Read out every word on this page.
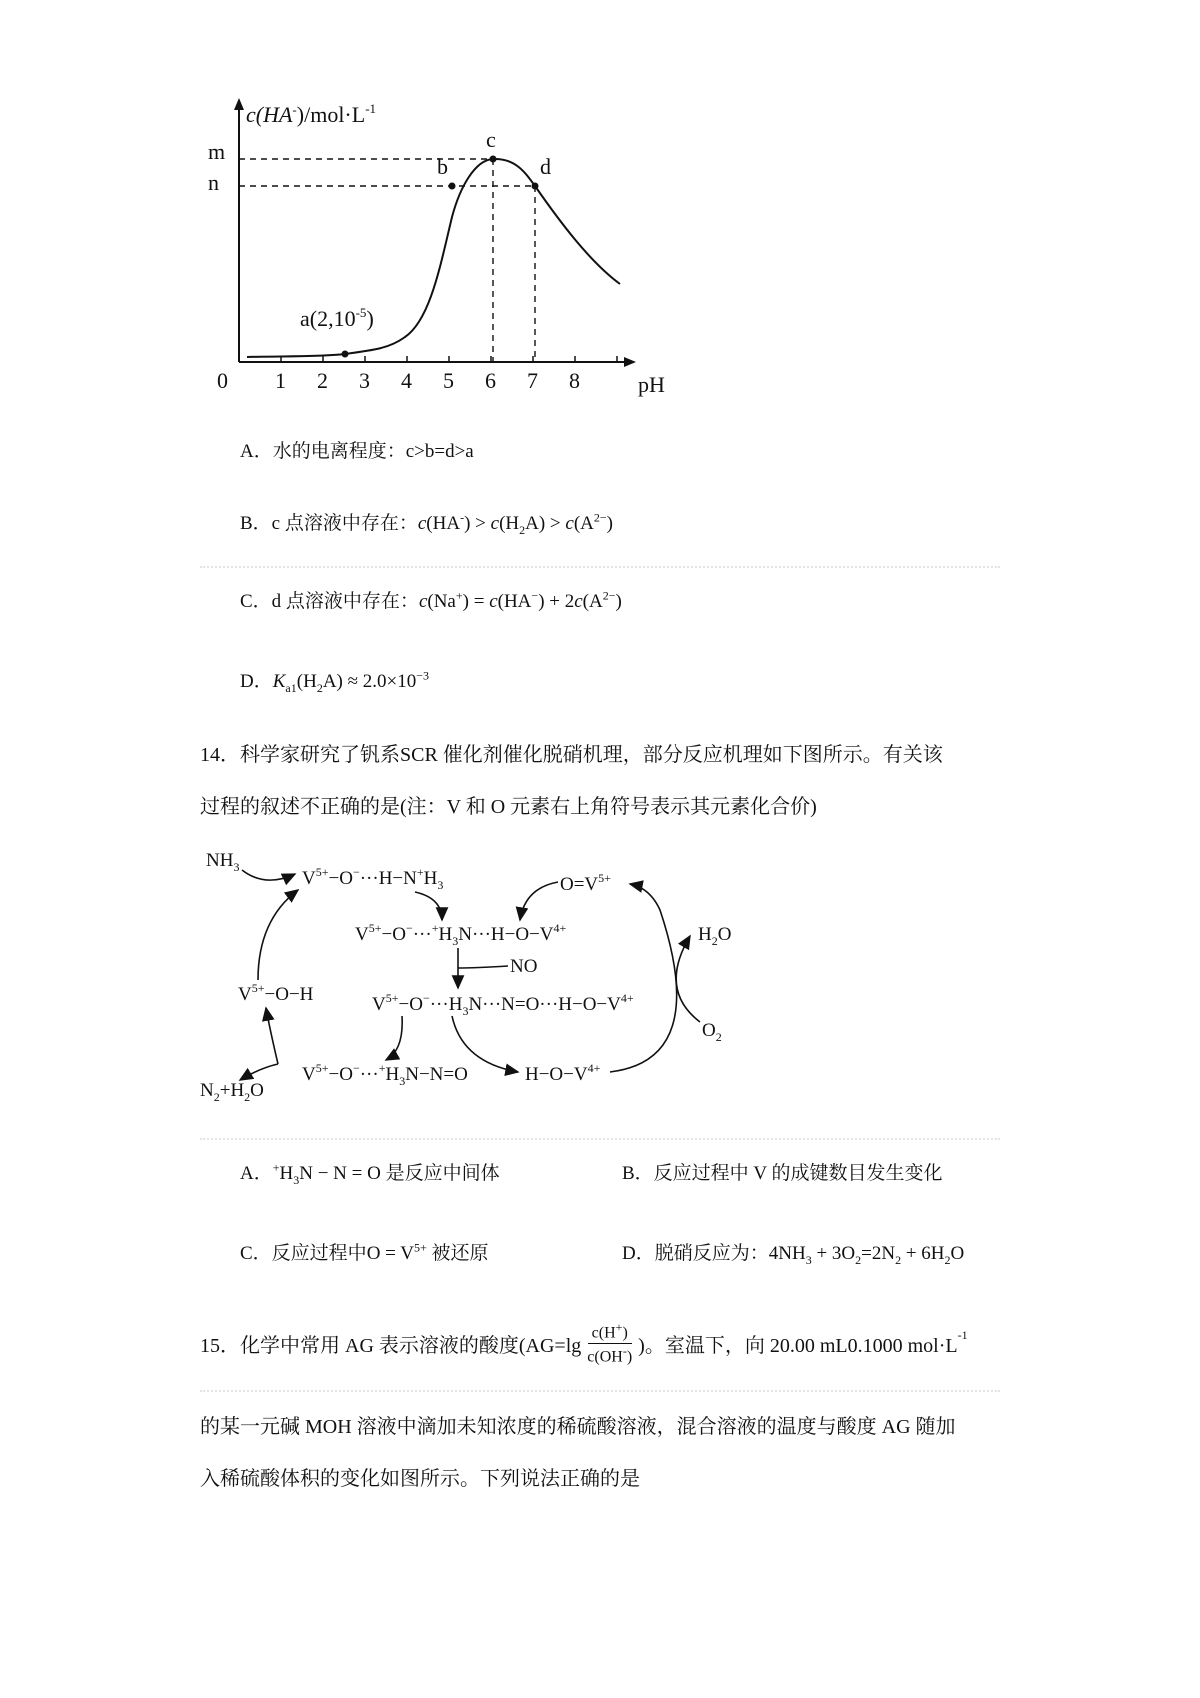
$c(HA^-)/mol\cdot L^{-1}$
m
n
$a(2,10^{-5})$
b
c
d
0 1 2 3 4 5 6 7 8	pH
A．水的电离程度：c>b=d>a
B．c 点溶液中存在：$c(HA^-) > c(H_2A) > c(A^{2-})$
C．d 点溶液中存在：$c(Na^+) = c(HA^-) + 2c(A^{2-})$
D．$K_{a1}(H_2A) \approx 2.0\times 10^{-3}$
14．科学家研究了钒系SCR 催化剂催化脱硝机理，部分反应机理如下图所示。有关该
过程的叙述不正确的是(注：V 和 O 元素右上角符号表示其元素化合价)
$NH_3$
$V^{5+}-O^-\cdot\cdot\cdot H-N^+H_3$	$O=V^{5+}$
$V^{5+}-O^-\cdot\cdot\cdot^+H_3N\cdot\cdot\cdot H-O-V^{4+}$	$H_2O$
NO
$V^{5+}-O-H$	$V^{5+}-O^-\cdot\cdot\cdot H_3N\cdot\cdot\cdot N=O\cdot\cdot\cdot H-O-V^{4+}$
$O_2$
$V^{5+}-O^-\cdot\cdot\cdot^+H_3N-N=O$	$H-O-V^{4+}$
$N_2+H_2O$
A．$^+H_3N - N = O$ 是反应中间体	B．反应过程中 V 的成键数目发生变化
C．反应过程中$O = V^{5+}$ 被还原	D．脱硝反应为：$4NH_3 + 3O_2=2N_2 + 6H_2O$
15．化学中常用 AG 表示溶液的酸度($AG=\lg \frac{c(H^+)}{c(OH^-)}$ )。室温下，向 20.00 mL0.1000 $mol\cdot L^{-1}$
的某一元碱 MOH 溶液中滴加未知浓度的稀硫酸溶液，混合溶液的温度与酸度 AG 随加
入稀硫酸体积的变化如图所示。下列说法正确的是
